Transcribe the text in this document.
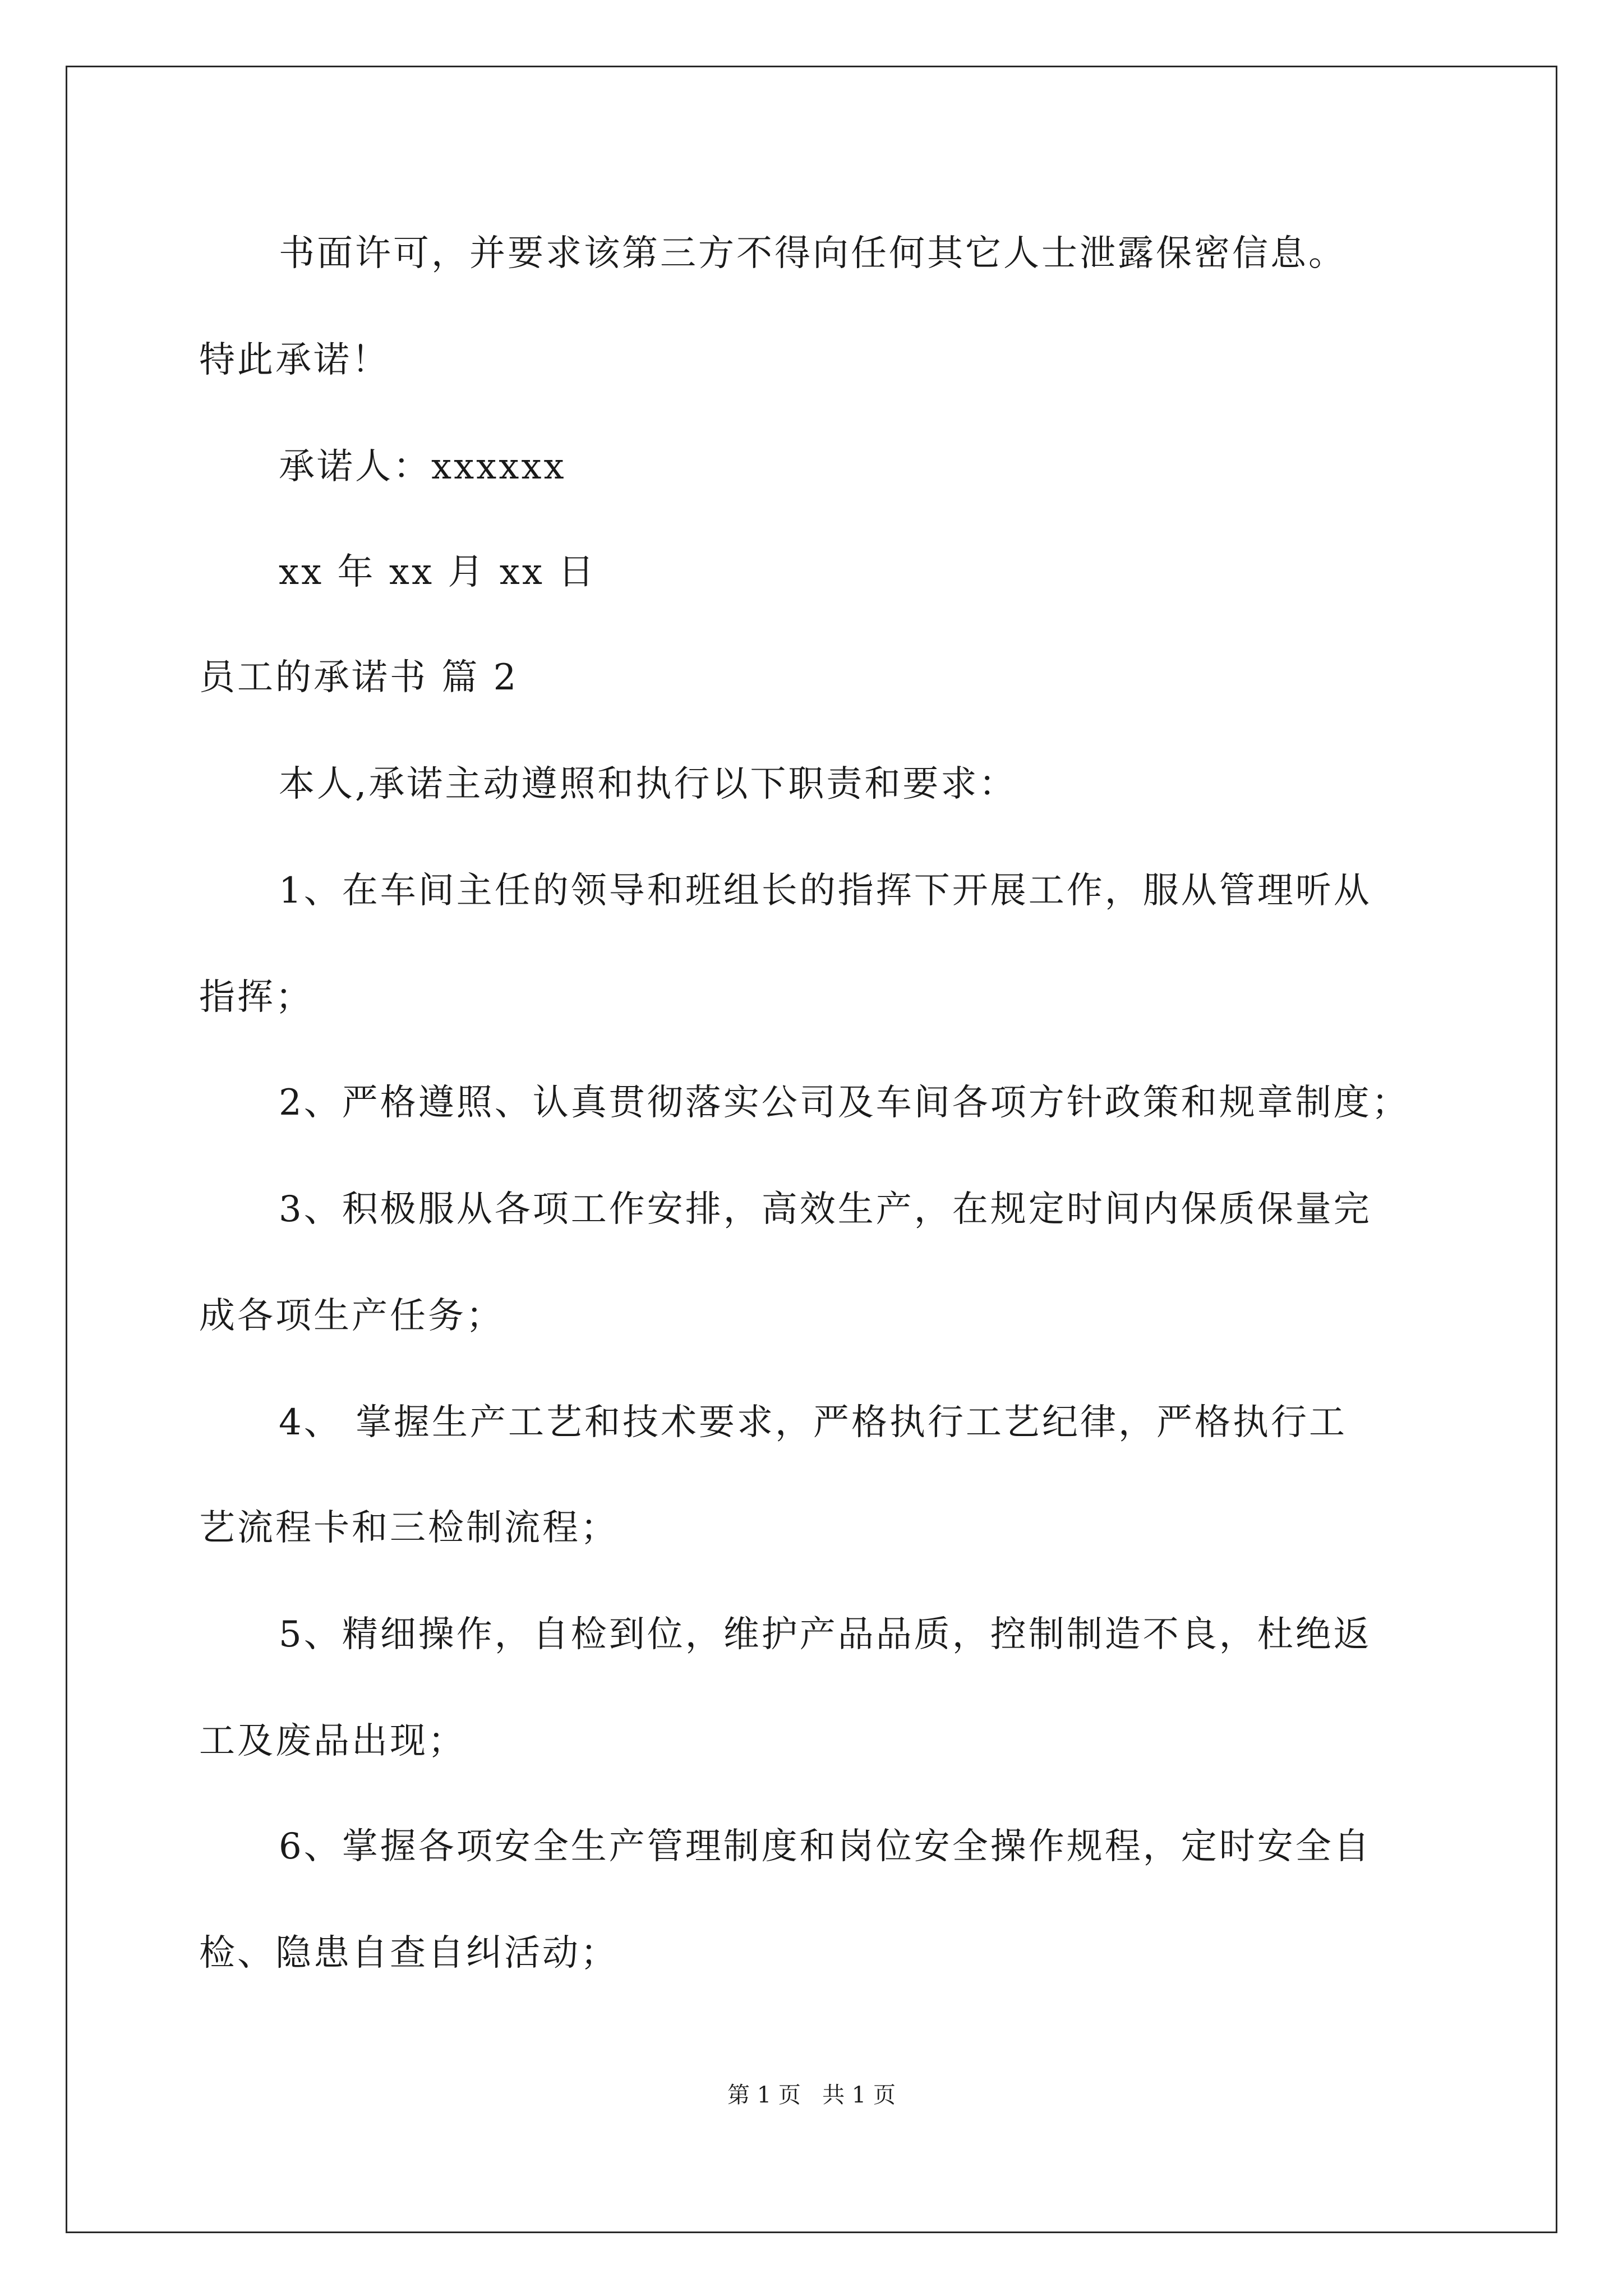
书面许可，并要求该第三方不得向任何其它人士泄露保密信息。
特此承诺！
承诺人：xxxxxx
xx 年 xx 月 xx 日
员工的承诺书 篇 2
本人,承诺主动遵照和执行以下职责和要求：
1、在车间主任的领导和班组长的指挥下开展工作，服从管理听从
指挥；
2、严格遵照、认真贯彻落实公司及车间各项方针政策和规章制度；
3、积极服从各项工作安排，高效生产，在规定时间内保质保量完
成各项生产任务；
4、 掌握生产工艺和技术要求，严格执行工艺纪律，严格执行工
艺流程卡和三检制流程；
5、精细操作，自检到位，维护产品品质，控制制造不良，杜绝返
工及废品出现；
6、掌握各项安全生产管理制度和岗位安全操作规程，定时安全自
检、隐患自查自纠活动；
第 1 页   共 1 页
